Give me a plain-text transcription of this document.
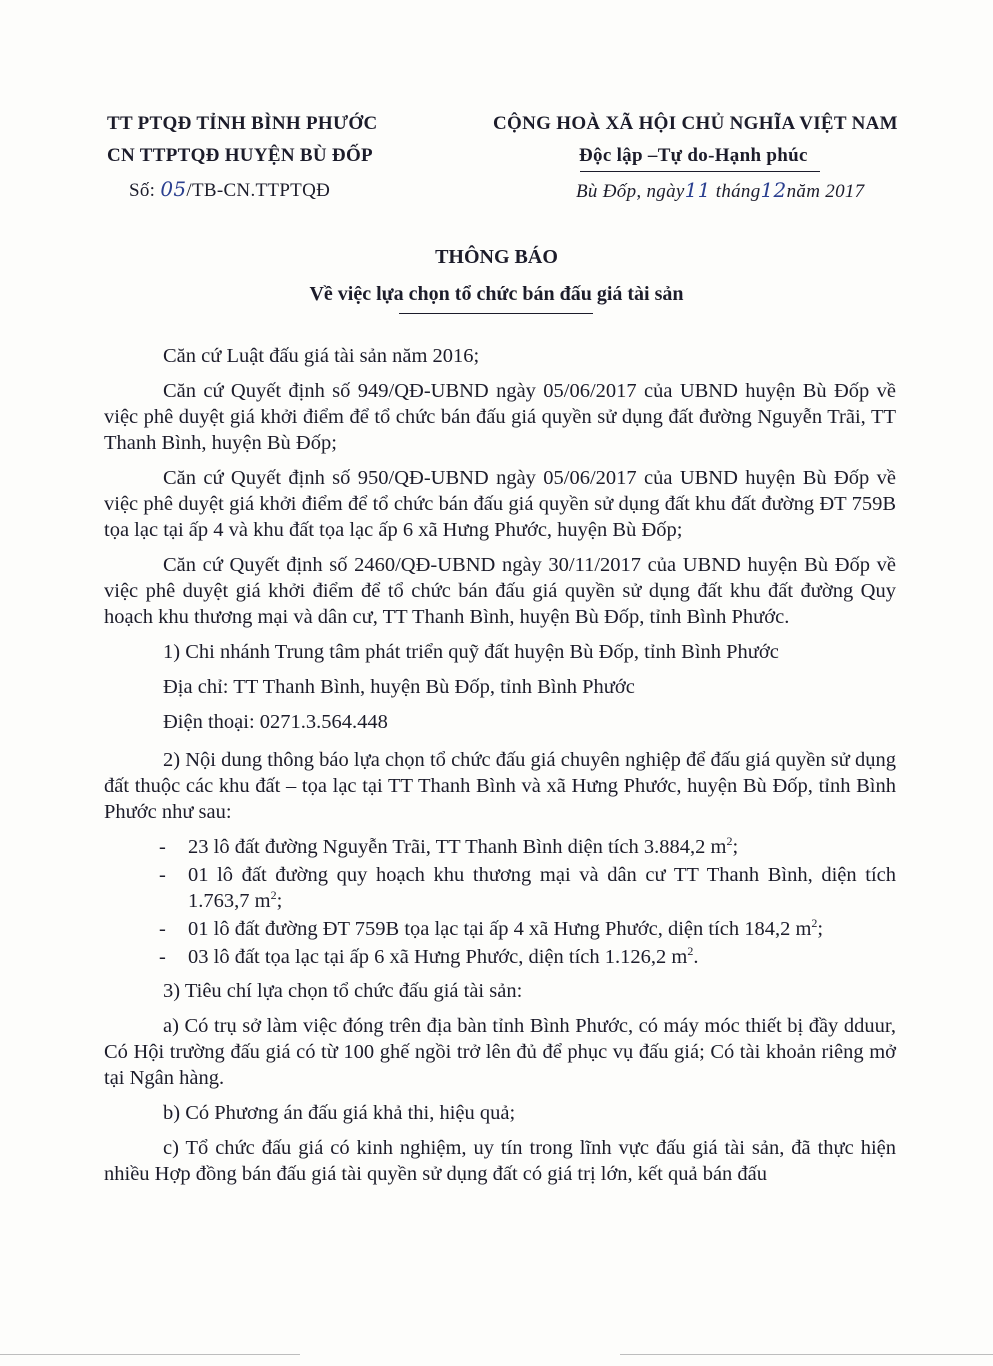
TT PTQĐ TỈNH BÌNH PHƯỚC
CN TTPTQĐ HUYỆN BÙ ĐỐP
Số: 05/TB-CN.TTPTQĐ
CỘNG HOÀ XÃ HỘI CHỦ NGHĨA VIỆT NAM
Độc lập –Tự do-Hạnh phúc
Bù Đốp, ngày11 tháng12năm 2017
THÔNG BÁO
Về việc lựa chọn tổ chức bán đấu giá tài sản

Căn cứ Luật đấu giá tài sản năm 2016;

Căn cứ Quyết định số 949/QĐ-UBND ngày 05/06/2017 của UBND huyện Bù Đốp về việc phê duyệt giá khởi điểm để tổ chức bán đấu giá quyền sử dụng đất đường Nguyễn Trãi, TT Thanh Bình, huyện Bù Đốp;

Căn cứ Quyết định số 950/QĐ-UBND ngày 05/06/2017 của UBND huyện Bù Đốp về việc phê duyệt giá khởi điểm để tổ chức bán đấu giá quyền sử dụng đất khu đất đường ĐT 759B tọa lạc tại ấp 4 và khu đất tọa lạc ấp 6 xã Hưng Phước, huyện Bù Đốp;

Căn cứ Quyết định số 2460/QĐ-UBND ngày 30/11/2017 của UBND huyện Bù Đốp về việc phê duyệt giá khởi điểm để tổ chức bán đấu giá quyền sử dụng đất khu đất đường Quy hoạch khu thương mại và dân cư, TT Thanh Bình, huyện Bù Đốp, tỉnh Bình Phước.

1) Chi nhánh Trung tâm phát triển quỹ đất huyện Bù Đốp, tỉnh Bình Phước

Địa chỉ: TT Thanh Bình, huyện Bù Đốp, tỉnh Bình Phước

Điện thoại: 0271.3.564.448

2) Nội dung thông báo lựa chọn tổ chức đấu giá chuyên nghiệp để đấu giá quyền sử dụng đất thuộc các khu đất – tọa lạc tại TT Thanh Bình và xã Hưng Phước, huyện Bù Đốp, tỉnh Bình Phước như sau:

- 23 lô đất đường Nguyễn Trãi, TT Thanh Bình diện tích 3.884,2 $m^2$;
- 01 lô đất đường quy hoạch khu thương mại và dân cư TT Thanh Bình, diện tích 1.763,7 $m^2$;
- 01 lô đất đường ĐT 759B tọa lạc tại ấp 4 xã Hưng Phước, diện tích 184,2 $m^2$;
- 03 lô đất tọa lạc tại ấp 6 xã Hưng Phước, diện tích 1.126,2 $m^2$.

3) Tiêu chí lựa chọn tổ chức đấu giá tài sản:

a) Có trụ sở làm việc đóng trên địa bàn tỉnh Bình Phước, có máy móc thiết bị đầy dduur, Có Hội trường đấu giá có từ 100 ghế ngồi trở lên đủ để phục vụ đấu giá; Có tài khoản riêng mở tại Ngân hàng.

b) Có Phương án đấu giá khả thi, hiệu quả;

c) Tổ chức đấu giá có kinh nghiệm, uy tín trong lĩnh vực đấu giá tài sản, đã thực hiện nhiều Hợp đồng bán đấu giá tài quyền sử dụng đất có giá trị lớn, kết quả bán đấu
